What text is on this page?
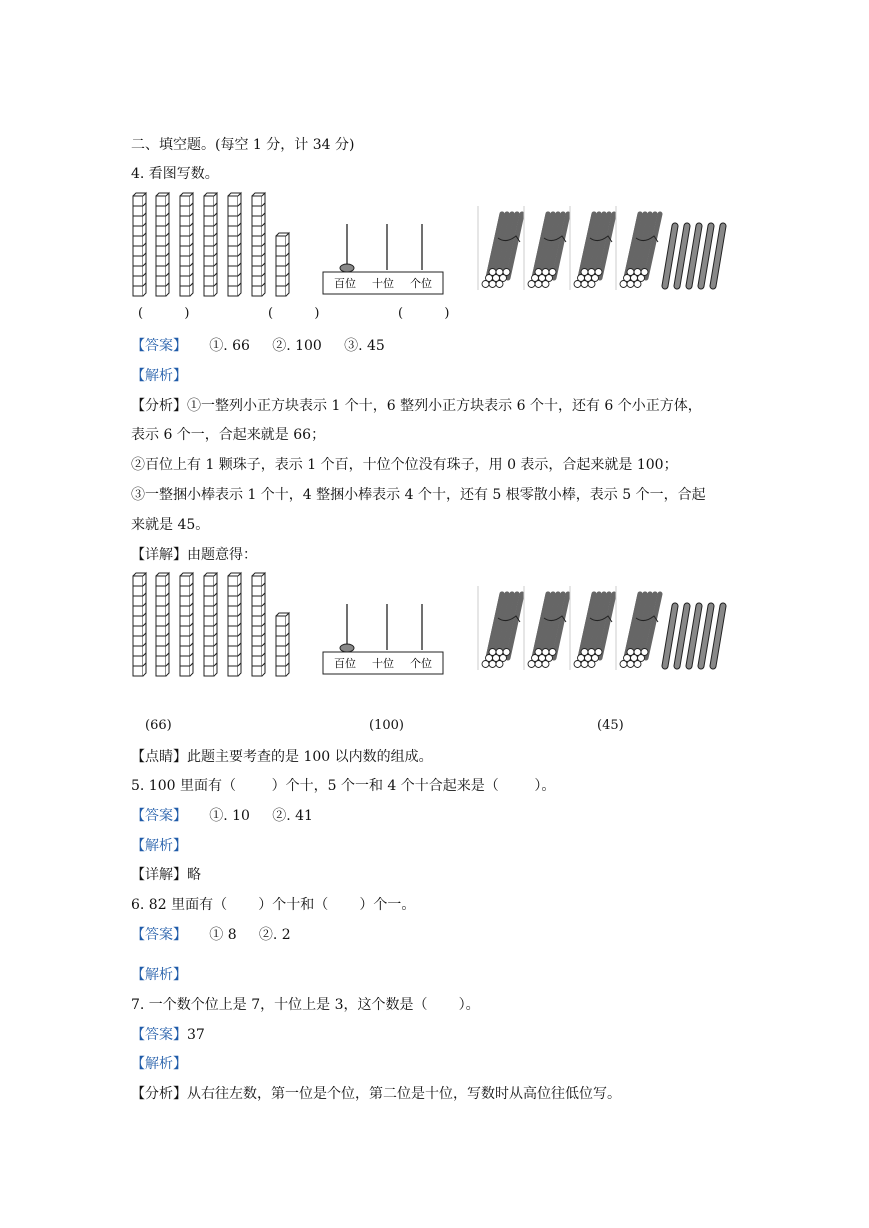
二、填空题。(每空 1 分，计 34 分)
4. 看图写数。
百位 十位 个位
(          )	(          )	(          )
【答案】     ①. 66     ②. 100     ③. 45
【解析】
【分析】①一整列小正方块表示 1 个十，6 整列小正方块表示 6 个十，还有 6 个小正方体，
表示 6 个一，合起来就是 66；
②百位上有 1 颗珠子，表示 1 个百，十位个位没有珠子，用 0 表示，合起来就是 100；
③一整捆小棒表示 1 个十，4 整捆小棒表示 4 个十，还有 5 根零散小棒，表示 5 个一，合起
来就是 45。
【详解】由题意得：
百位 十位 个位
(66)	(100)	(45)
【点睛】此题主要考查的是 100 以内数的组成。
5. 100 里面有（        ）个十，5 个一和 4 个十合起来是（        ）。
【答案】     ①. 10     ②. 41
【解析】
【详解】略
6. 82 里面有（       ）个十和（       ）个一。
【答案】     ① 8     ②. 2
【解析】
7. 一个数个位上是 7，十位上是 3，这个数是（       ）。
【答案】37
【解析】
【分析】从右往左数，第一位是个位，第二位是十位，写数时从高位往低位写。
